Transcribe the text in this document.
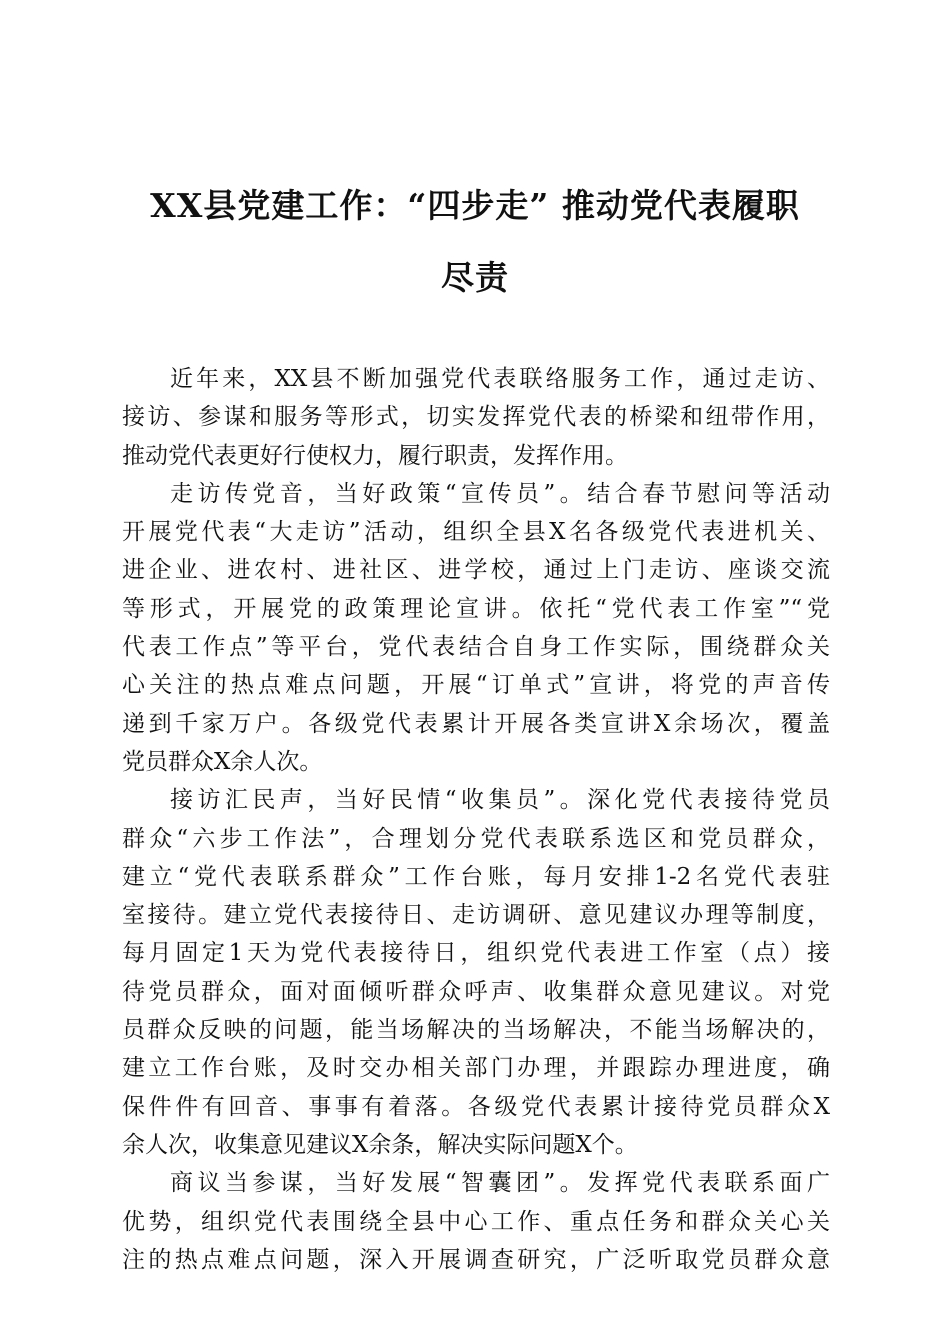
XX县党建工作：“四步走” 推动党代表履职
尽责
近年来，XX县不断加强党代表联络服务工作，通过走访、
接访、参谋和服务等形式，切实发挥党代表的桥梁和纽带作用，
推动党代表更好行使权力，履行职责，发挥作用。
走访传党音，当好政策“宣传员”。结合春节慰问等活动
开展党代表“大走访”活动，组织全县X名各级党代表进机关、
进企业、进农村、进社区、进学校，通过上门走访、座谈交流
等形式，开展党的政策理论宣讲。依托“党代表工作室”“党
代表工作点”等平台，党代表结合自身工作实际，围绕群众关
心关注的热点难点问题，开展“订单式”宣讲，将党的声音传
递到千家万户。各级党代表累计开展各类宣讲X余场次，覆盖
党员群众X余人次。
接访汇民声，当好民情“收集员”。深化党代表接待党员
群众“六步工作法”，合理划分党代表联系选区和党员群众，
建立“党代表联系群众”工作台账，每月安排1-2名党代表驻
室接待。建立党代表接待日、走访调研、意见建议办理等制度，
每月固定1天为党代表接待日，组织党代表进工作室（点）接
待党员群众，面对面倾听群众呼声、收集群众意见建议。对党
员群众反映的问题，能当场解决的当场解决，不能当场解决的，
建立工作台账，及时交办相关部门办理，并跟踪办理进度，确
保件件有回音、事事有着落。各级党代表累计接待党员群众X
余人次，收集意见建议X余条，解决实际问题X个。
商议当参谋，当好发展“智囊团”。发挥党代表联系面广
优势，组织党代表围绕全县中心工作、重点任务和群众关心关
注的热点难点问题，深入开展调查研究，广泛听取党员群众意
